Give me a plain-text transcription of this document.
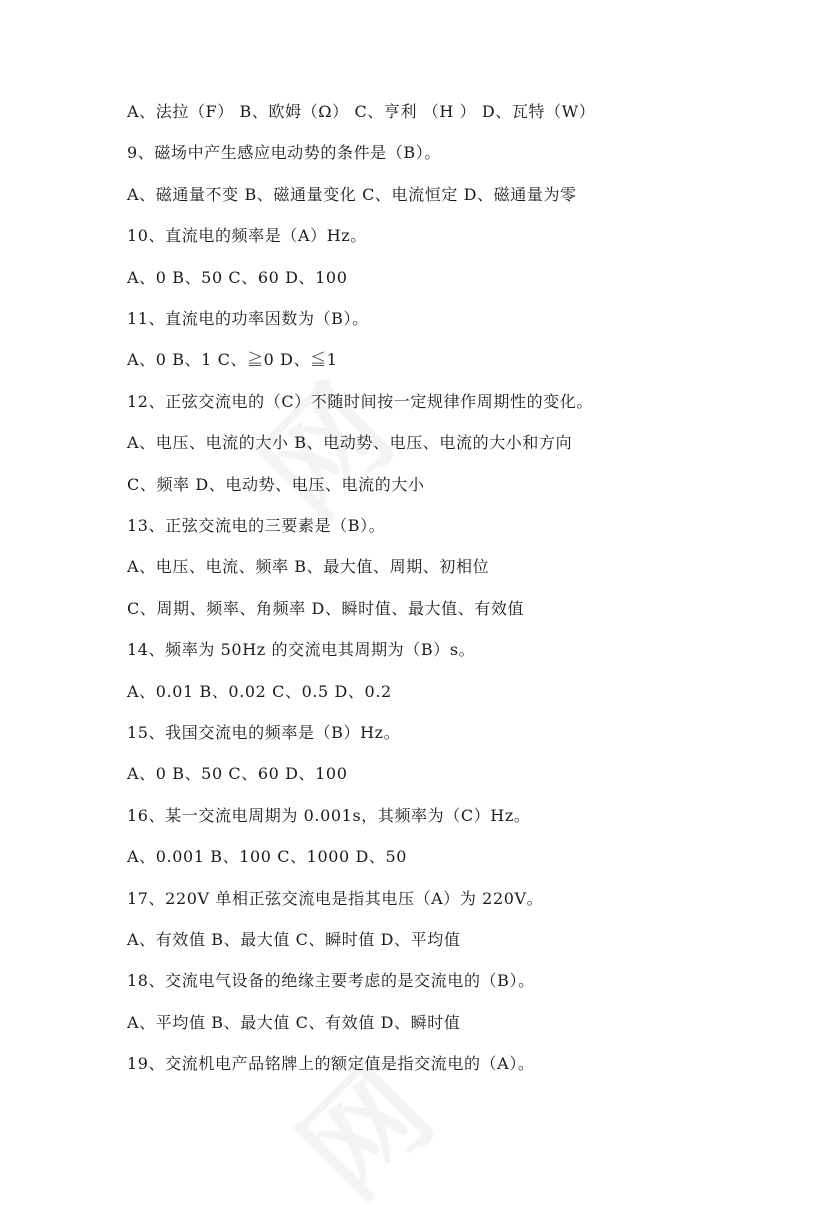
A、法拉（F） B、欧姆（Ω） C、亨利 （H ） D、瓦特（W）
9、磁场中产生感应电动势的条件是（B）。
A、磁通量不变 B、磁通量变化 C、电流恒定 D、磁通量为零
10、直流电的频率是（A）Hz。
A、0 B、50 C、60 D、100
11、直流电的功率因数为（B）。
A、0 B、1 C、≧0 D、≦1
12、正弦交流电的（C）不随时间按一定规律作周期性的变化。
A、电压、电流的大小 B、电动势、电压、电流的大小和方向
C、频率 D、电动势、电压、电流的大小
13、正弦交流电的三要素是（B）。
A、电压、电流、频率 B、最大值、周期、初相位
C、周期、频率、角频率 D、瞬时值、最大值、有效值
14、频率为 50Hz 的交流电其周期为（B）s。
A、0.01 B、0.02 C、0.5 D、0.2
15、我国交流电的频率是（B）Hz。
A、0 B、50 C、60 D、100
16、某一交流电周期为 0.001s，其频率为（C）Hz。
A、0.001 B、100 C、1000 D、50
17、220V 单相正弦交流电是指其电压（A）为 220V。
A、有效值 B、最大值 C、瞬时值 D、平均值
18、交流电气设备的绝缘主要考虑的是交流电的（B）。
A、平均值 B、最大值 C、有效值 D、瞬时值
19、交流机电产品铭牌上的额定值是指交流电的（A）。
